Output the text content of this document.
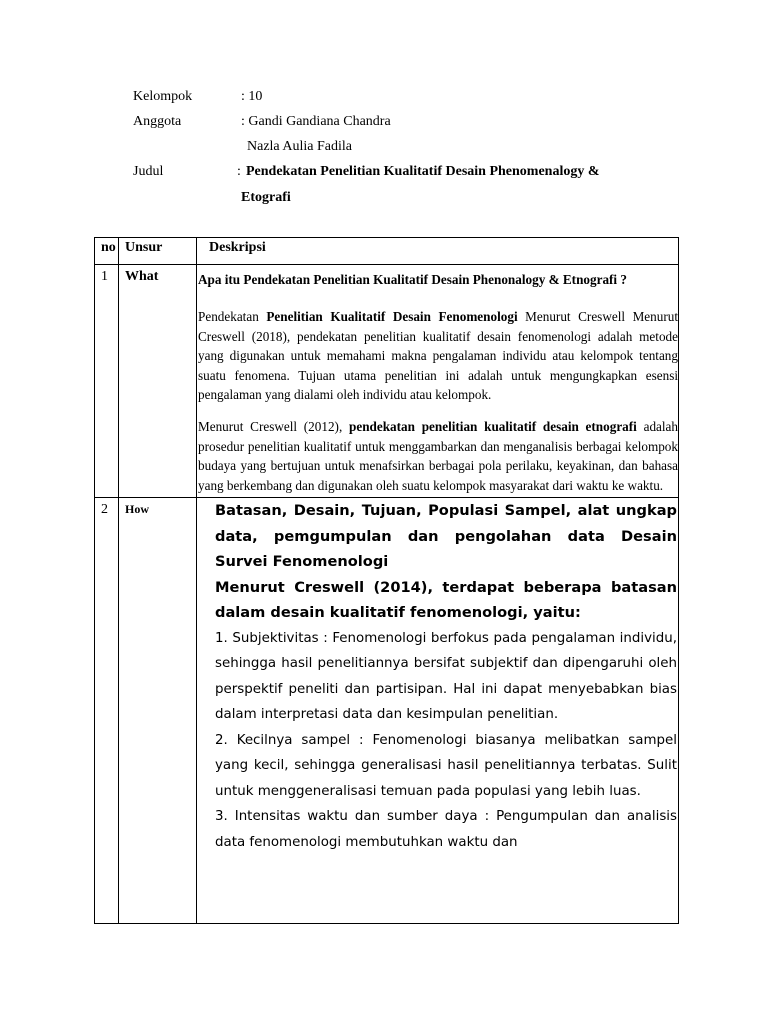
Kelompok	: 10
Anggota	: Gandi Gandiana Chandra
Nazla Aulia Fadila
Judul	: Pendekatan Penelitian Kualitatif Desain Phenomenalogy &
Etografi
no	Unsur	Deskripsi
1	What	Apa itu Pendekatan Penelitian Kualitatif Desain Phenonalogy & Etnografi ?

Pendekatan Penelitian Kualitatif Desain Fenomenologi Menurut Creswell Menurut Creswell (2018), pendekatan penelitian kualitatif desain fenomenologi adalah metode yang digunakan untuk memahami makna pengalaman individu atau kelompok tentang suatu fenomena. Tujuan utama penelitian ini adalah untuk mengungkapkan esensi pengalaman yang dialami oleh individu atau kelompok.

Menurut Creswell (2012), pendekatan penelitian kualitatif desain etnografi adalah prosedur penelitian kualitatif untuk menggambarkan dan menganalisis berbagai kelompok budaya yang bertujuan untuk menafsirkan berbagai pola perilaku, keyakinan, dan bahasa yang berkembang dan digunakan oleh suatu kelompok masyarakat dari waktu ke waktu.

2	How	Batasan, Desain, Tujuan, Populasi Sampel, alat ungkap data, pemgumpulan dan pengolahan data Desain Survei Fenomenologi

Menurut Creswell (2014), terdapat beberapa batasan dalam desain kualitatif fenomenologi, yaitu:

1. Subjektivitas : Fenomenologi berfokus pada pengalaman individu, sehingga hasil penelitiannya bersifat subjektif dan dipengaruhi oleh perspektif peneliti dan partisipan. Hal ini dapat menyebabkan bias dalam interpretasi data dan kesimpulan penelitian.

2. Kecilnya sampel : Fenomenologi biasanya melibatkan sampel yang kecil, sehingga generalisasi hasil penelitiannya terbatas. Sulit untuk menggeneralisasi temuan pada populasi yang lebih luas.

3. Intensitas waktu dan sumber daya : Pengumpulan dan analisis data fenomenologi membutuhkan waktu dan
